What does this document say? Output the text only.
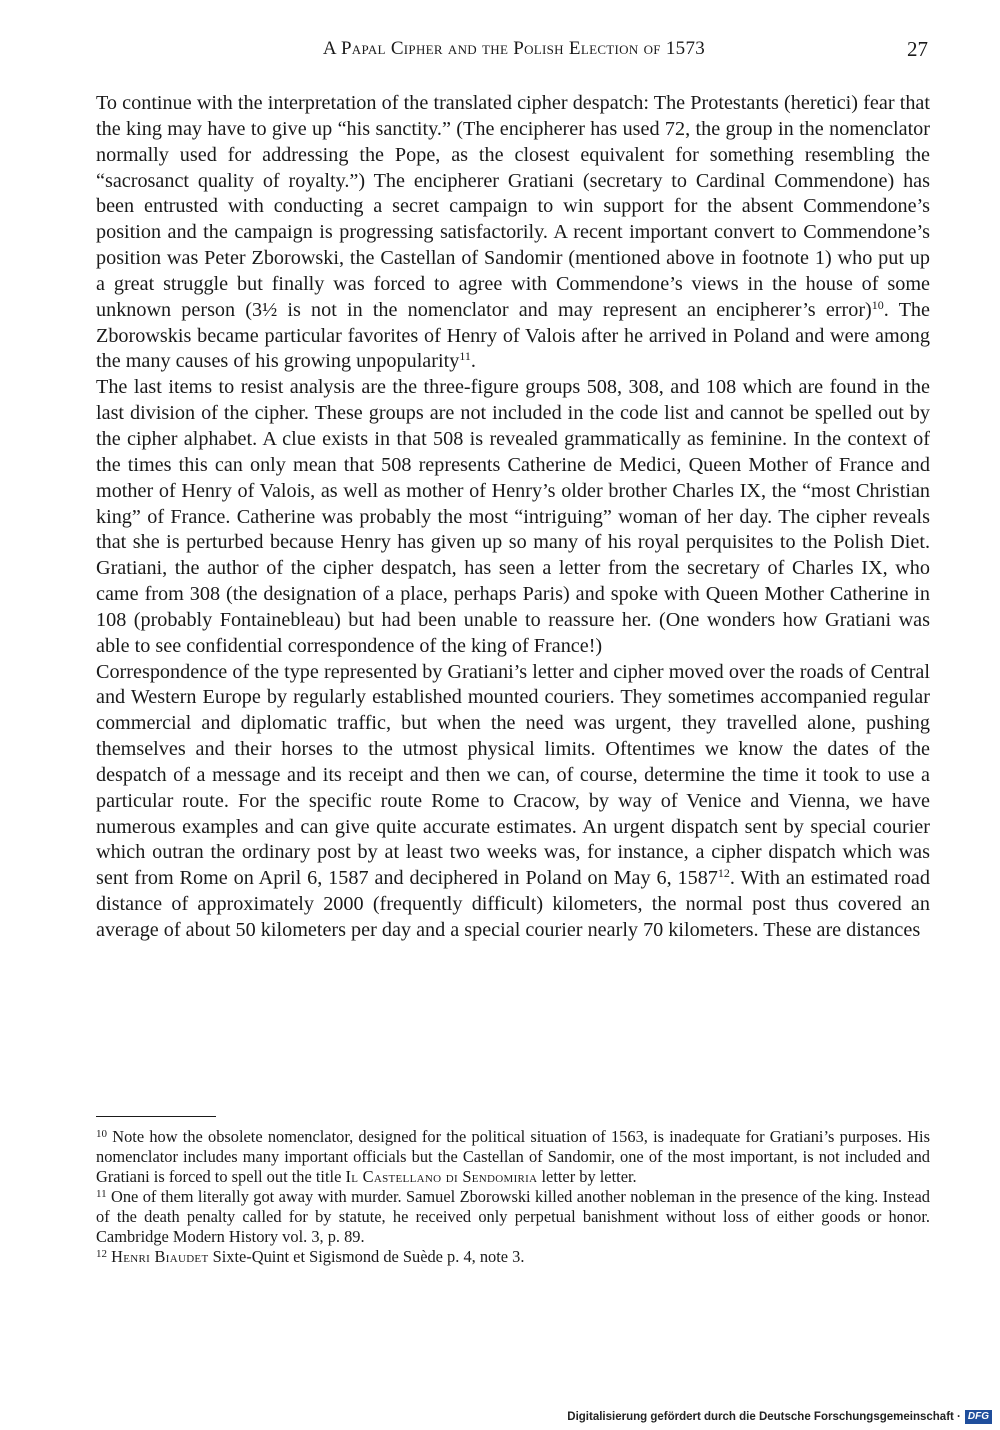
A Papal Cipher and the Polish Election of 1573	27

To continue with the interpretation of the translated cipher despatch: The Protestants (heretici) fear that the king may have to give up “his sanctity.” (The encipherer has used 72, the group in the nomenclator normally used for addressing the Pope, as the closest equivalent for something resembling the “sacrosanct quality of royalty.”) The encipherer Gratiani (secretary to Cardinal Commendone) has been entrusted with conducting a secret campaign to win support for the absent Commendone’s position and the campaign is progressing satisfactorily. A recent important convert to Commendone’s position was Peter Zborowski, the Castellan of Sandomir (mentioned above in footnote 1) who put up a great struggle but finally was forced to agree with Commendone’s views in the house of some unknown person (3½ is not in the nomenclator and may represent an encipherer’s error)$^{10}$. The Zborowskis became particular favorites of Henry of Valois after he arrived in Poland and were among the many causes of his growing unpopularity$^{11}$.

The last items to resist analysis are the three-figure groups 508, 308, and 108 which are found in the last division of the cipher. These groups are not included in the code list and cannot be spelled out by the cipher alphabet. A clue exists in that 508 is revealed grammatically as feminine. In the context of the times this can only mean that 508 represents Catherine de Medici, Queen Mother of France and mother of Henry of Valois, as well as mother of Henry’s older brother Charles IX, the “most Christian king” of France. Catherine was probably the most “intriguing” woman of her day. The cipher reveals that she is perturbed because Henry has given up so many of his royal perquisites to the Polish Diet. Gratiani, the author of the cipher despatch, has seen a letter from the secretary of Charles IX, who came from 308 (the designation of a place, perhaps Paris) and spoke with Queen Mother Catherine in 108 (probably Fontainebleau) but had been unable to reassure her. (One wonders how Gratiani was able to see confidential correspondence of the king of France!)

Correspondence of the type represented by Gratiani’s letter and cipher moved over the roads of Central and Western Europe by regularly established mounted couriers. They sometimes accompanied regular commercial and diplomatic traffic, but when the need was urgent, they travelled alone, pushing themselves and their horses to the utmost physical limits. Oftentimes we know the dates of the despatch of a message and its receipt and then we can, of course, determine the time it took to use a particular route. For the specific route Rome to Cracow, by way of Venice and Vienna, we have numerous examples and can give quite accurate estimates. An urgent dispatch sent by special courier which outran the ordinary post by at least two weeks was, for instance, a cipher dispatch which was sent from Rome on April 6, 1587 and deciphered in Poland on May 6, 1587$^{12}$. With an estimated road distance of approximately 2000 (frequently difficult) kilometers, the normal post thus covered an average of about 50 kilometers per day and a special courier nearly 70 kilometers. These are distances

$^{10}$ Note how the obsolete nomenclator, designed for the political situation of 1563, is inadequate for Gratiani’s purposes. His nomenclator includes many important officials but the Castellan of Sandomir, one of the most important, is not included and Gratiani is forced to spell out the title Il Castellano di Sendomiria letter by letter.

$^{11}$ One of them literally got away with murder. Samuel Zborowski killed another nobleman in the presence of the king. Instead of the death penalty called for by statute, he received only perpetual banishment without loss of either goods or honor. Cambridge Modern History vol. 3, p. 89.

$^{12}$ Henri Biaudet Sixte-Quint et Sigismond de Suède p. 4, note 3.

Digitalisierung gefördert durch die Deutsche Forschungsgemeinschaft · DFG
